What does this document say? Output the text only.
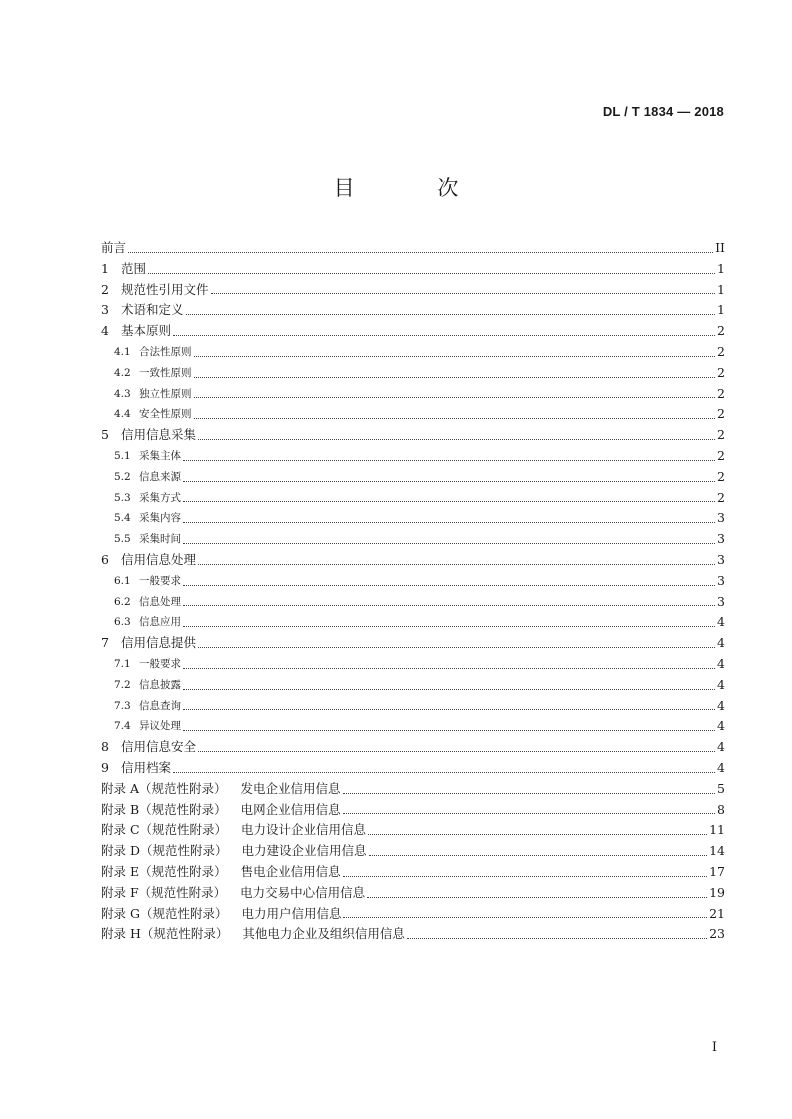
DL / T 1834 — 2018
目 次
前言	II
1 范围	1
2 规范性引用文件	1
3 术语和定义	1
4 基本原则	2
4.1 合法性原则	2
4.2 一致性原则	2
4.3 独立性原则	2
4.4 安全性原则	2
5 信用信息采集	2
5.1 采集主体	2
5.2 信息来源	2
5.3 采集方式	2
5.4 采集内容	3
5.5 采集时间	3
6 信用信息处理	3
6.1 一般要求	3
6.2 信息处理	3
6.3 信息应用	4
7 信用信息提供	4
7.1 一般要求	4
7.2 信息披露	4
7.3 信息查询	4
7.4 异议处理	4
8 信用信息安全	4
9 信用档案	4
附录 A（规范性附录） 发电企业信用信息	5
附录 B（规范性附录） 电网企业信用信息	8
附录 C（规范性附录） 电力设计企业信用信息	11
附录 D（规范性附录） 电力建设企业信用信息	14
附录 E（规范性附录） 售电企业信用信息	17
附录 F（规范性附录） 电力交易中心信用信息	19
附录 G（规范性附录） 电力用户信用信息	21
附录 H（规范性附录） 其他电力企业及组织信用信息	23
I
